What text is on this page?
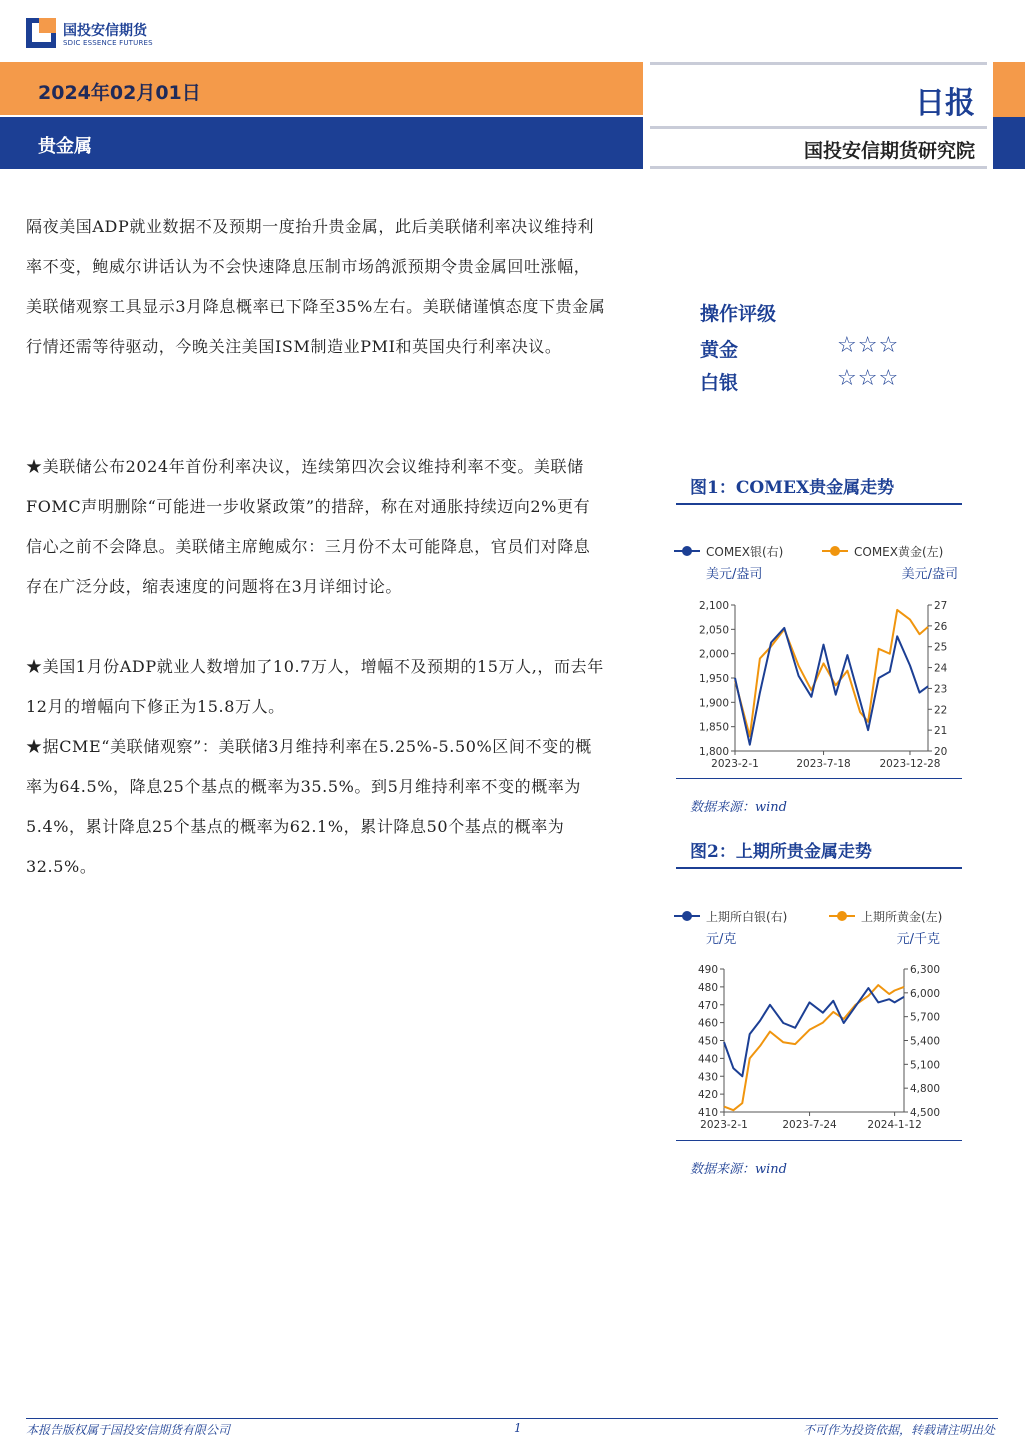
国投安信期货
SDIC ESSENCE FUTURES
2024年02月01日
贵金属
日报
国投安信期货研究院
隔夜美国ADP就业数据不及预期一度抬升贵金属，此后美联储利率决议维持利率不变，鲍威尔讲话认为不会快速降息压制市场鸽派预期令贵金属回吐涨幅，美联储观察工具显示3月降息概率已下降至35%左右。美联储谨慎态度下贵金属行情还需等待驱动，今晚关注美国ISM制造业PMI和英国央行利率决议。
★美联储公布2024年首份利率决议，连续第四次会议维持利率不变。美联储FOMC声明删除“可能进一步收紧政策”的措辞，称在对通胀持续迈向2%更有信心之前不会降息。美联储主席鲍威尔：三月份不太可能降息，官员们对降息存在广泛分歧，缩表速度的问题将在3月详细讨论。
★美国1月份ADP就业人数增加了10.7万人，增幅不及预期的15万人,，而去年12月的增幅向下修正为15.8万人。
★据CME“美联储观察”：美联储3月维持利率在5.25%-5.50%区间不变的概率为64.5%，降息25个基点的概率为35.5%。到5月维持利率不变的概率为5.4%，累计降息25个基点的概率为62.1%，累计降息50个基点的概率为32.5%。
操作评级
黄金	☆☆☆
白银	☆☆☆
图1：COMEX贵金属走势
COMEX银(右)	COMEX黄金(左)
美元/盎司	美元/盎司
2,100
2,050
2,000
1,950
1,900
1,850
1,800
27
26
25
24
23
22
21
20
2023-2-1	2023-7-18	2023-12-28
数据来源：wind
图2：上期所贵金属走势
上期所白银(右)	上期所黄金(左)
元/克	元/千克
490
480
470
460
450
440
430
420
410
6,300
6,000
5,700
5,400
5,100
4,800
4,500
2023-2-1	2023-7-24	2024-1-12
数据来源：wind
本报告版权属于国投安信期货有限公司	1	不可作为投资依据，转载请注明出处
